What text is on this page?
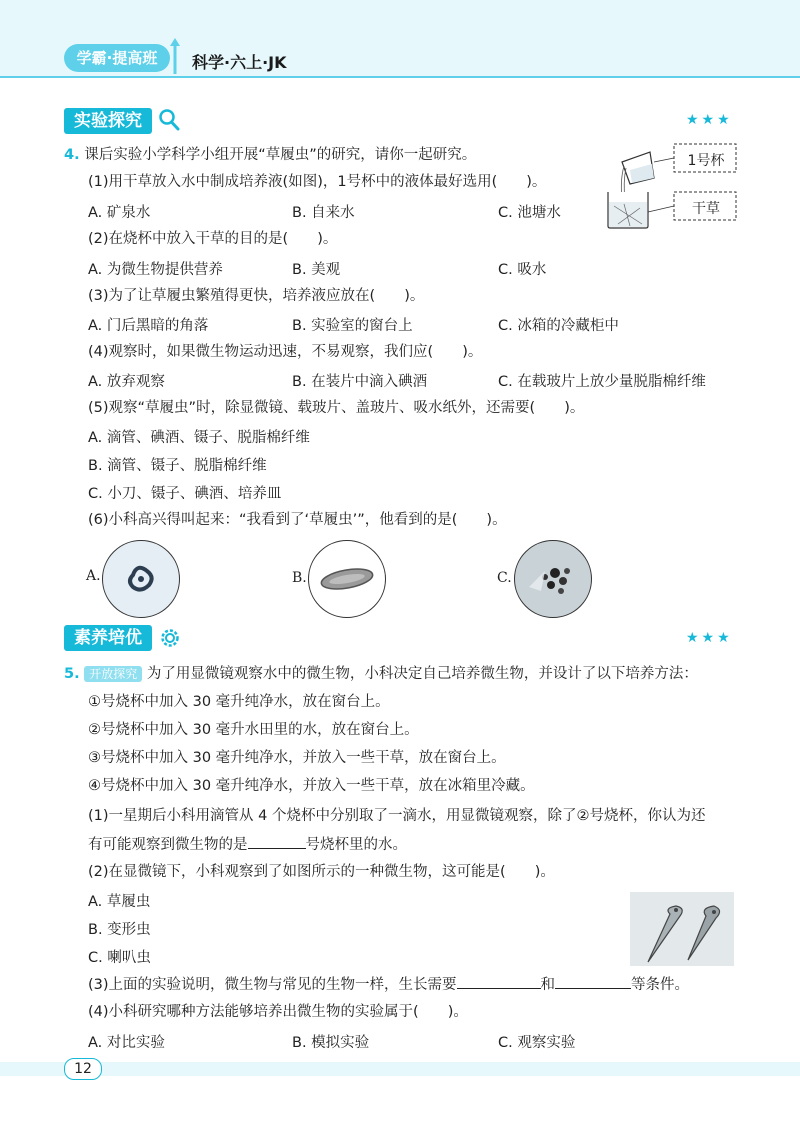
学霸·提高班	科学·六上·JK
实验探究	★★★
4. 课后实验小学科学小组开展“草履虫”的研究，请你一起研究。	1号杯
干草
(1)用干草放入水中制成培养液(如图)，1号杯中的液体最好选用(　　)。
A. 矿泉水	B. 自来水	C. 池塘水
(2)在烧杯中放入干草的目的是(　　)。
A. 为微生物提供营养	B. 美观	C. 吸水
(3)为了让草履虫繁殖得更快，培养液应放在(　　)。
A. 门后黑暗的角落	B. 实验室的窗台上	C. 冰箱的冷藏柜中
(4)观察时，如果微生物运动迅速，不易观察，我们应(　　)。
A. 放弃观察	B. 在装片中滴入碘酒	C. 在载玻片上放少量脱脂棉纤维
(5)观察“草履虫”时，除显微镜、载玻片、盖玻片、吸水纸外，还需要(　　)。
A. 滴管、碘酒、镊子、脱脂棉纤维
B. 滴管、镊子、脱脂棉纤维
C. 小刀、镊子、碘酒、培养皿
(6)小科高兴得叫起来：“我看到了‘草履虫’”，他看到的是(　　)。
A.	B.	C.
素养培优	★★★
5. 开放探究 为了用显微镜观察水中的微生物，小科决定自己培养微生物，并设计了以下培养方法：
①号烧杯中加入 30 毫升纯净水，放在窗台上。
②号烧杯中加入 30 毫升水田里的水，放在窗台上。
③号烧杯中加入 30 毫升纯净水，并放入一些干草，放在窗台上。
④号烧杯中加入 30 毫升纯净水，并放入一些干草，放在冰箱里冷藏。
(1)一星期后小科用滴管从 4 个烧杯中分别取了一滴水，用显微镜观察，除了②号烧杯，你认为还
有可能观察到微生物的是	号烧杯里的水。
(2)在显微镜下，小科观察到了如图所示的一种微生物，这可能是(　　)。
A. 草履虫
B. 变形虫
C. 喇叭虫
(3)上面的实验说明，微生物与常见的生物一样，生长需要	和	等条件。
(4)小科研究哪种方法能够培养出微生物的实验属于(　　)。
A. 对比实验	B. 模拟实验	C. 观察实验
12
